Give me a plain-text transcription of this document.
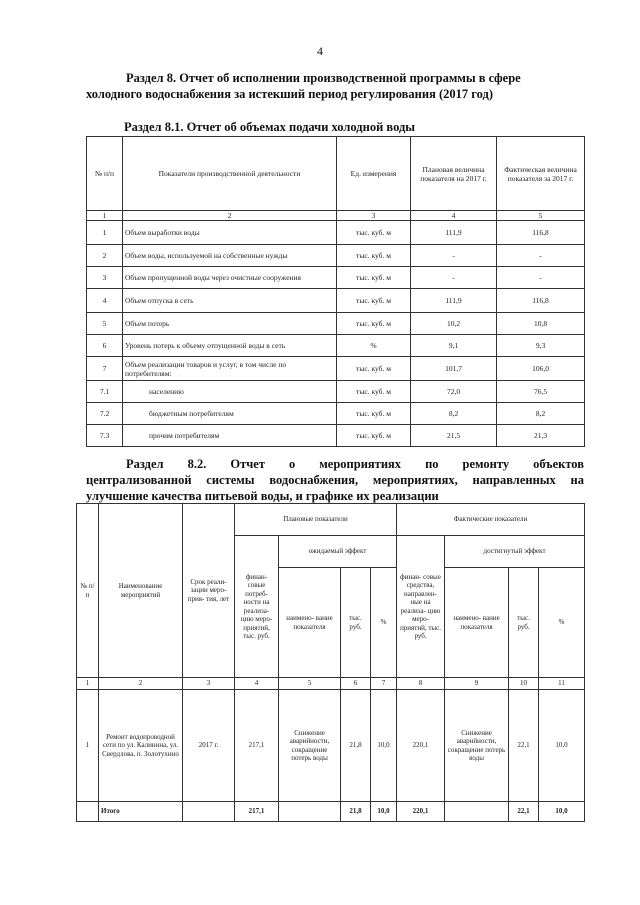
4
Раздел 8. Отчет об исполнении производственной программы в сфере
холодного водоснабжения за истекший период регулирования (2017 год)
Раздел 8.1. Отчет об объемах подачи холодной воды
№ п/п	Показатели производственной деятельности	Ед. измерения	Плановая величина показателя на 2017 г.	Фактическая величина показателя за 2017 г.
1	2	3	4	5
1	Объем выработки воды	тыс. куб. м	111,9	116,8
2	Объем воды, используемой на собственные нужды	тыс. куб. м	-	-
3	Объем пропущенной воды через очистные сооружения	тыс. куб. м	-	-
4	Объем отпуска в сеть	тыс. куб. м	111,9	116,8
5	Объем потерь	тыс. куб. м	10,2	10,8
6	Уровень потерь к объему отпущенной воды в сеть	%	9,1	9,3
7	Объем реализации товаров и услуг, в том числе по потребителям:	тыс. куб. м	101,7	106,0
7.1	населению	тыс. куб. м	72,0	76,5
7.2	бюджетным потребителям	тыс. куб. м	8,2	8,2
7.3	прочим потребителям	тыс. куб. м	21,5	21,3
Раздел 8.2. Отчет о мероприятиях по ремонту объектов
централизованной системы водоснабжения, мероприятиях, направленных на
улучшение качества питьевой воды, и графике их реализации
№ п/п	Наименование мероприятий	Срок реали- зации меро- прия- тия, лет	Плановые показатели				Фактические показатели			
			финан- совые потреб- ности на реализа- цию меро- приятий, тыс. руб.	ожидаемый эффект			финан- совые средства, направлен- ные на реализа- цию меро- приятий, тыс. руб.	достигнутый эффект		
				наимено- вание показателя	тыс. руб.	%		наимено- вание показателя	тыс. руб.	%
1	2	3	4	5	6	7	8	9	10	11
1	Ремонт водопроводной сети по ул. Калинина, ул. Свердлова, п. Золотухино	2017 г.	217,1	Снижение аварийности, сокращение потерь воды	21,8	10,0	220,1	Снижение аварийности, сокращение потерь воды	22,1	10,0
	Итого		217,1		21,8	10,0	220,1		22,1	10,0
